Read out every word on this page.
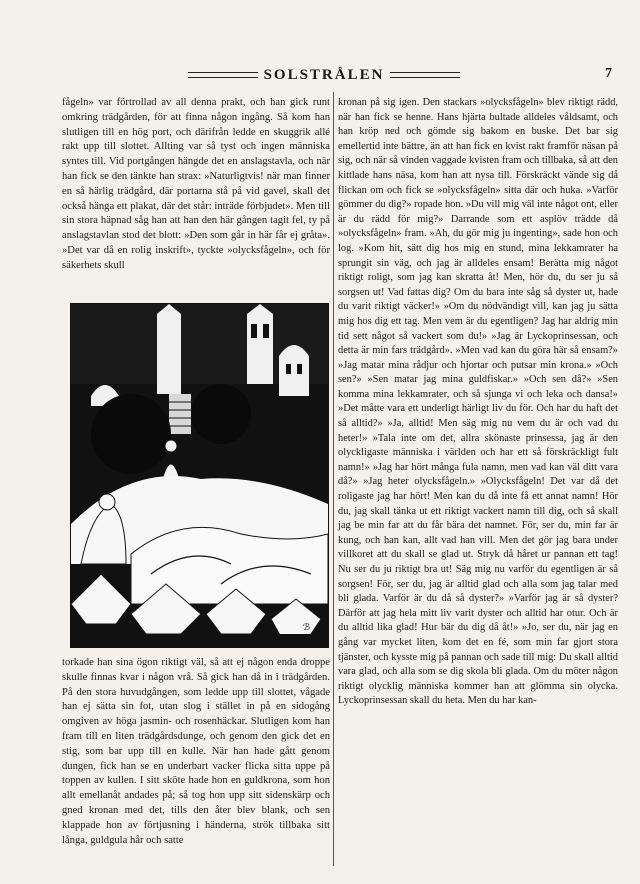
SOLSTRÅLEN	7

fågeln» var förtrollad av all denna prakt, och han gick runt omkring trädgården, för att finna någon ingång. Så kom han slutligen till en hög port, och därifrån ledde en skuggrik allé rakt upp till slottet. Allting var så tyst och ingen människa syntes till. Vid portgången hängde det en anslagstavla, och när han fick se den tänkte han strax: »Naturligtvis! när man finner en så härlig trädgård, där portarna stå på vid gavel, skall det också hänga ett plakat, där det står: inträde förbjudet». Men till sin stora häpnad såg han att han den här gången tagit fel, ty på anslagstavlan stod det blott: »Den som går in här får ej gråta». »Det var då en rolig inskrift», tyckte »olycksfågeln», och för säkerhets skull

ℬ

torkade han sina ögon riktigt väl, så att ej någon enda droppe skulle finnas kvar i någon vrå. Så gick han då in i trädgården. På den stora huvudgången, som ledde upp till slottet, vågade han ej sätta sin fot, utan slog i stället in på en sidogång omgiven av höga jasmin- och rosenhäckar. Slutligen kom han fram till en liten trädgårdsdunge, och genom den gick det en stig, som bar upp till en kulle. När han hade gått genom dungen, fick han se en underbart vacker flicka sitta uppe på toppen av kullen. I sitt sköte hade hon en guldkrona, som hon allt emellanåt andades på; så tog hon upp sitt sidenskärp och gned kronan med det, tills den åter blev blank, och sen klappade hon av förtjusning i händerna, strök tillbaka sitt långa, guldgula hår och satte

kronan på sig igen. Den stackars »olycksfågeln» blev riktigt rädd, när han fick se henne. Hans hjärta bultade alldeles våldsamt, och han kröp ned och gömde sig bakom en buske. Det bar sig emellertid inte bättre, än att han fick en kvist rakt framför näsan på sig, och när så vinden vaggade kvisten fram och tillbaka, så att den kittlade hans näsa, kom han att nysa till. Förskräckt vände sig då flickan om och fick se »olycksfågeln» sitta där och huka. »Varför gömmer du dig?» ropade hon. »Du vill mig väl inte något ont, eller är du rädd för mig?» Darrande som ett asplöv trädde då »olycksfågeln» fram. »Ah, du gör mig ju ingenting», sade hon och log. »Kom hit, sätt dig hos mig en stund, mina lekkamrater ha sprungit sin väg, och jag är alldeles ensam! Berätta mig något riktigt roligt, som jag kan skratta åt! Men, hör du, du ser ju så sorgsen ut! Vad fattas dig? Om du bara inte såg så dyster ut, hade du varit riktigt väcker!» »Om du nödvändigt vill, kan jag ju sätta mig hos dig ett tag. Men vem är du egentligen? Jag har aldrig min tid sett något så vackert som du!» »Jag är Lyckoprinsessan, och detta är min fars trädgård». »Men vad kan du göra här så ensam?» »Jag matar mina rådjur och hjortar och putsar min krona.» »Och sen?» »Sen matar jag mina guldfiskar.» »Och sen då?» »Sen komma mina lekkamrater, och så sjunga vi och leka och dansa!» »Det måtte vara ett underligt härligt liv du för. Och har du haft det så alltid?» »Ja, alltid! Men säg mig nu vem du är och vad du heter!» »Tala inte om det, allra skönaste prinsessa, jag är den olyckligaste människa i världen och har ett så förskräckligt fult namn!» »Jag har hört många fula namn, men vad kan väl ditt vara då?» »Jag heter olycksfågeln.» »Olycksfågeln! Det var då det roligaste jag har hört! Men kan du då inte få ett annat namn! Hör du, jag skall tänka ut ett riktigt vackert namn till dig, och så skall jag be min far att du får bära det namnet. För, ser du, min far är kung, och han kan, allt vad han vill. Men det gör jag bara under villkoret att du skall se glad ut. Stryk då håret ur pannan ett tag! Nu ser du ju riktigt bra ut! Säg mig nu varför du egentligen är så sorgsen! För, ser du, jag är alltid glad och alla som jag talar med bli glada. Varför är du då så dyster?» »Varför jag är så dyster? Därför att jag hela mitt liv varit dyster och alltid har otur. Och är du alltid lika glad! Hur bär du dig då åt!» »Jo, ser du, när jag en gång var mycket liten, kom det en fé, som min far gjort stora tjänster, och kysste mig på pannan och sade till mig: Du skall alltid vara glad, och alla som se dig skola bli glada. Om du möter någon riktigt olycklig människa kommer han att glömma sin olycka. Lyckoprinsessan skall du heta. Men du har kan-
